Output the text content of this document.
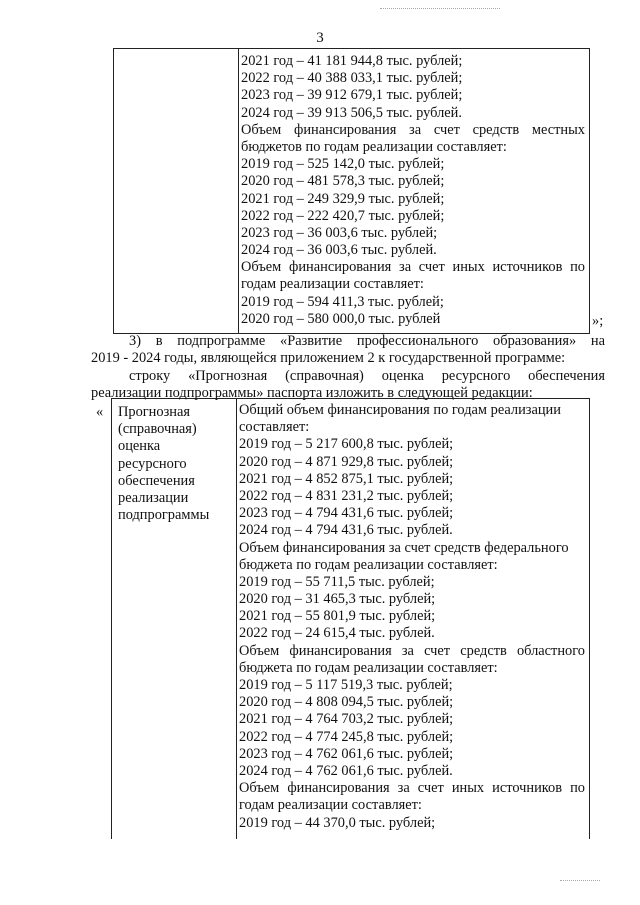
3
2021 год – 41 181 944,8 тыс. рублей;
2022 год – 40 388 033,1 тыс. рублей;
2023 год – 39 912 679,1 тыс. рублей;
2024 год – 39 913 506,5 тыс. рублей.
Объем финансирования за счет средств местных
бюджетов по годам реализации составляет:
2019 год – 525 142,0 тыс. рублей;
2020 год – 481 578,3 тыс. рублей;
2021 год – 249 329,9 тыс. рублей;
2022 год – 222 420,7 тыс. рублей;
2023 год – 36 003,6 тыс. рублей;
2024 год – 36 003,6 тыс. рублей.
Объем финансирования за счет иных источников по
годам реализации составляет:
2019 год – 594 411,3 тыс. рублей;
2020 год – 580 000,0 тыс. рублей	»;
3) в подпрограмме «Развитие профессионального образования» на
2019 - 2024 годы, являющейся приложением 2 к государственной программе:
строку «Прогнозная (справочная) оценка ресурсного обеспечения
реализации подпрограммы» паспорта изложить в следующей редакции:
« Прогнозная
(справочная)
оценка
ресурсного
обеспечения
реализации
подпрограммы
Общий объем финансирования по годам реализации
составляет:
2019 год – 5 217 600,8 тыс. рублей;
2020 год – 4 871 929,8 тыс. рублей;
2021 год – 4 852 875,1 тыс. рублей;
2022 год – 4 831 231,2 тыс. рублей;
2023 год – 4 794 431,6 тыс. рублей;
2024 год – 4 794 431,6 тыс. рублей.
Объем финансирования за счет средств федерального
бюджета по годам реализации составляет:
2019 год – 55 711,5 тыс. рублей;
2020 год – 31 465,3 тыс. рублей;
2021 год – 55 801,9 тыс. рублей;
2022 год – 24 615,4 тыс. рублей.
Объем финансирования за счет средств областного
бюджета по годам реализации составляет:
2019 год – 5 117 519,3 тыс. рублей;
2020 год – 4 808 094,5 тыс. рублей;
2021 год – 4 764 703,2 тыс. рублей;
2022 год – 4 774 245,8 тыс. рублей;
2023 год – 4 762 061,6 тыс. рублей;
2024 год – 4 762 061,6 тыс. рублей.
Объем финансирования за счет иных источников по
годам реализации составляет:
2019 год – 44 370,0 тыс. рублей;
